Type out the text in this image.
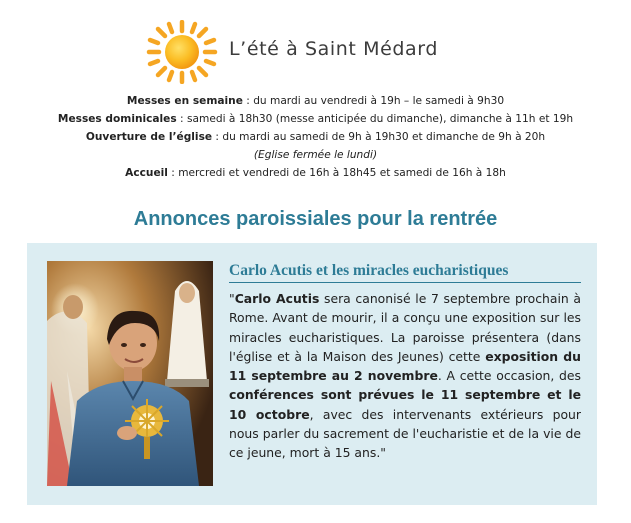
L’été à Saint Médard
Messes en semaine : du mardi au vendredi à 19h – le samedi à 9h30
Messes dominicales : samedi à 18h30 (messe anticipée du dimanche), dimanche à 11h et 19h
Ouverture de l’église : du mardi au samedi de 9h à 19h30 et dimanche de 9h à 20h
(Eglise fermée le lundi)
Accueil : mercredi et vendredi de 16h à 18h45 et samedi de 16h à 18h
Annonces paroissiales pour la rentrée
Carlo Acutis et les miracles eucharistiques
"Carlo Acutis sera canonisé le 7 septembre prochain à Rome. Avant de mourir, il a conçu une exposition sur les miracles eucharistiques. La paroisse présentera (dans l'église et à la Maison des Jeunes) cette exposition du 11 septembre au 2 novembre. A cette occasion, des conférences sont prévues le 11 septembre et le 10 octobre, avec des intervenants extérieurs pour nous parler du sacrement de l'eucharistie et de la vie de ce jeune, mort à 15 ans."
